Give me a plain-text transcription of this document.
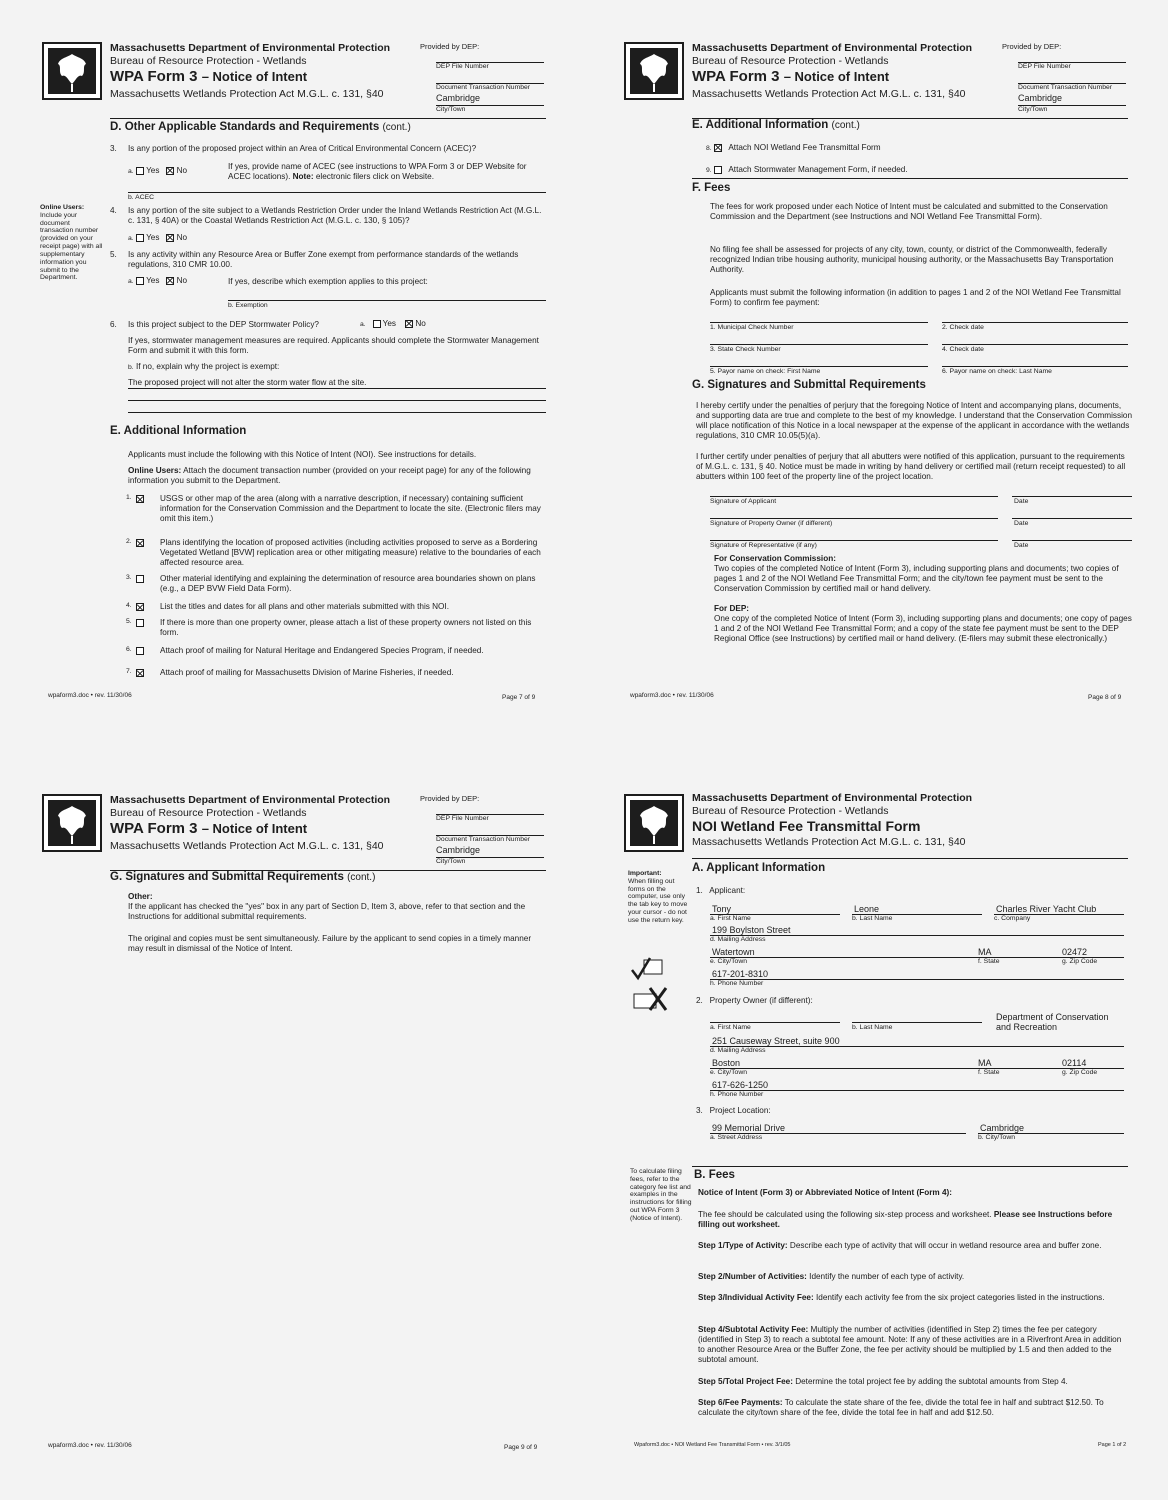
Massachusetts Department of Environmental Protection
Bureau of Resource Protection - Wetlands
WPA Form 3 – Notice of Intent
Massachusetts Wetlands Protection Act M.G.L. c. 131, §40
Provided by DEP:
DEP File Number
Document Transaction Number
Cambridge
City/Town
D. Other Applicable Standards and Requirements (cont.)
3. Is any portion of the proposed project within an Area of Critical Environmental Concern (ACEC)?
a. Yes No	If yes, provide name of ACEC (see instructions to WPA Form 3 or DEP Website for ACEC locations). Note: electronic filers click on Website.
b. ACEC
Online Users:
Include your document transaction number (provided on your receipt page) with all supplementary information you submit to the Department.
4. Is any portion of the site subject to a Wetlands Restriction Order under the Inland Wetlands Restriction Act (M.G.L. c. 131, § 40A) or the Coastal Wetlands Restriction Act (M.G.L. c. 130, § 105)?
a. Yes No
5. Is any activity within any Resource Area or Buffer Zone exempt from performance standards of the wetlands regulations, 310 CMR 10.00.
a. Yes No	If yes, describe which exemption applies to this project:
b. Exemption
6. Is this project subject to the DEP Stormwater Policy?	a. Yes No
If yes, stormwater management measures are required. Applicants should complete the Stormwater Management Form and submit it with this form.
b. If no, explain why the project is exempt:
The proposed project will not alter the storm water flow at the site.
E. Additional Information
Applicants must include the following with this Notice of Intent (NOI). See instructions for details.
Online Users: Attach the document transaction number (provided on your receipt page) for any of the following information you submit to the Department.
1.	USGS or other map of the area (along with a narrative description, if necessary) containing sufficient information for the Conservation Commission and the Department to locate the site. (Electronic filers may omit this item.)
2.	Plans identifying the location of proposed activities (including activities proposed to serve as a Bordering Vegetated Wetland [BVW] replication area or other mitigating measure) relative to the boundaries of each affected resource area.
3.	Other material identifying and explaining the determination of resource area boundaries shown on plans (e.g., a DEP BVW Field Data Form).
4.	List the titles and dates for all plans and other materials submitted with this NOI.
5.	If there is more than one property owner, please attach a list of these property owners not listed on this form.
6.	Attach proof of mailing for Natural Heritage and Endangered Species Program, if needed.
7.	Attach proof of mailing for Massachusetts Division of Marine Fisheries, if needed.
wpaform3.doc • rev. 11/30/06	Page 7 of 9
Massachusetts Department of Environmental Protection
Bureau of Resource Protection - Wetlands
WPA Form 3 – Notice of Intent
Massachusetts Wetlands Protection Act M.G.L. c. 131, §40
Provided by DEP:
DEP File Number
Document Transaction Number
Cambridge
City/Town
E. Additional Information (cont.)
8. Attach NOI Wetland Fee Transmittal Form
9. Attach Stormwater Management Form, if needed.
F. Fees
The fees for work proposed under each Notice of Intent must be calculated and submitted to the Conservation Commission and the Department (see Instructions and NOI Wetland Fee Transmittal Form).
No filing fee shall be assessed for projects of any city, town, county, or district of the Commonwealth, federally recognized Indian tribe housing authority, municipal housing authority, or the Massachusetts Bay Transportation Authority.
Applicants must submit the following information (in addition to pages 1 and 2 of the NOI Wetland Fee Transmittal Form) to confirm fee payment:
1. Municipal Check Number	2. Check date
3. State Check Number	4. Check date
5. Payor name on check: First Name	6. Payor name on check: Last Name
G. Signatures and Submittal Requirements
I hereby certify under the penalties of perjury that the foregoing Notice of Intent and accompanying plans, documents, and supporting data are true and complete to the best of my knowledge. I understand that the Conservation Commission will place notification of this Notice in a local newspaper at the expense of the applicant in accordance with the wetlands regulations, 310 CMR 10.05(5)(a).
I further certify under penalties of perjury that all abutters were notified of this application, pursuant to the requirements of M.G.L. c. 131, § 40. Notice must be made in writing by hand delivery or certified mail (return receipt requested) to all abutters within 100 feet of the property line of the project location.
Signature of Applicant	Date
Signature of Property Owner (if different)	Date
Signature of Representative (if any)	Date
For Conservation Commission:
Two copies of the completed Notice of Intent (Form 3), including supporting plans and documents; two copies of pages 1 and 2 of the NOI Wetland Fee Transmittal Form; and the city/town fee payment must be sent to the Conservation Commission by certified mail or hand delivery.
For DEP:
One copy of the completed Notice of Intent (Form 3), including supporting plans and documents; one copy of pages 1 and 2 of the NOI Wetland Fee Transmittal Form; and a copy of the state fee payment must be sent to the DEP Regional Office (see Instructions) by certified mail or hand delivery. (E-filers may submit these electronically.)
wpaform3.doc • rev. 11/30/06	Page 8 of 9
Massachusetts Department of Environmental Protection
Bureau of Resource Protection - Wetlands
WPA Form 3 – Notice of Intent
Massachusetts Wetlands Protection Act M.G.L. c. 131, §40
Provided by DEP:
DEP File Number
Document Transaction Number
Cambridge
City/Town
G. Signatures and Submittal Requirements (cont.)
Other:
If the applicant has checked the "yes" box in any part of Section D, Item 3, above, refer to that section and the Instructions for additional submittal requirements.
The original and copies must be sent simultaneously. Failure by the applicant to send copies in a timely manner may result in dismissal of the Notice of Intent.
wpaform3.doc • rev. 11/30/06	Page 9 of 9
Massachusetts Department of Environmental Protection
Bureau of Resource Protection - Wetlands
NOI Wetland Fee Transmittal Form
Massachusetts Wetlands Protection Act M.G.L. c. 131, §40
A. Applicant Information
Important:
When filling out forms on the computer, use only the tab key to move your cursor - do not use the return key.
1. Applicant:
Tony	Leone	Charles River Yacht Club
a. First Name	b. Last Name	c. Company
199 Boylston Street
d. Mailing Address
Watertown	MA	02472
e. City/Town	f. State	g. Zip Code
617-201-8310
h. Phone Number
2. Property Owner (if different):
Department of Conservation and Recreation
a. First Name	b. Last Name
251 Causeway Street, suite 900
d. Mailing Address
Boston	MA	02114
e. City/Town	f. State	g. Zip Code
617-626-1250
h. Phone Number
3. Project Location:
99 Memorial Drive	Cambridge
a. Street Address	b. City/Town
B. Fees
To calculate filing fees, refer to the category fee list and examples in the instructions for filling out WPA Form 3 (Notice of Intent).
Notice of Intent (Form 3) or Abbreviated Notice of Intent (Form 4):
The fee should be calculated using the following six-step process and worksheet. Please see Instructions before filling out worksheet.
Step 1/Type of Activity: Describe each type of activity that will occur in wetland resource area and buffer zone.
Step 2/Number of Activities: Identify the number of each type of activity.
Step 3/Individual Activity Fee: Identify each activity fee from the six project categories listed in the instructions.
Step 4/Subtotal Activity Fee: Multiply the number of activities (identified in Step 2) times the fee per category (identified in Step 3) to reach a subtotal fee amount. Note: If any of these activities are in a Riverfront Area in addition to another Resource Area or the Buffer Zone, the fee per activity should be multiplied by 1.5 and then added to the subtotal amount.
Step 5/Total Project Fee: Determine the total project fee by adding the subtotal amounts from Step 4.
Step 6/Fee Payments: To calculate the state share of the fee, divide the total fee in half and subtract $12.50. To calculate the city/town share of the fee, divide the total fee in half and add $12.50.
Wpaform3.doc • NOI Wetland Fee Transmittal Form • rev. 3/1/05	Page 1 of 2
